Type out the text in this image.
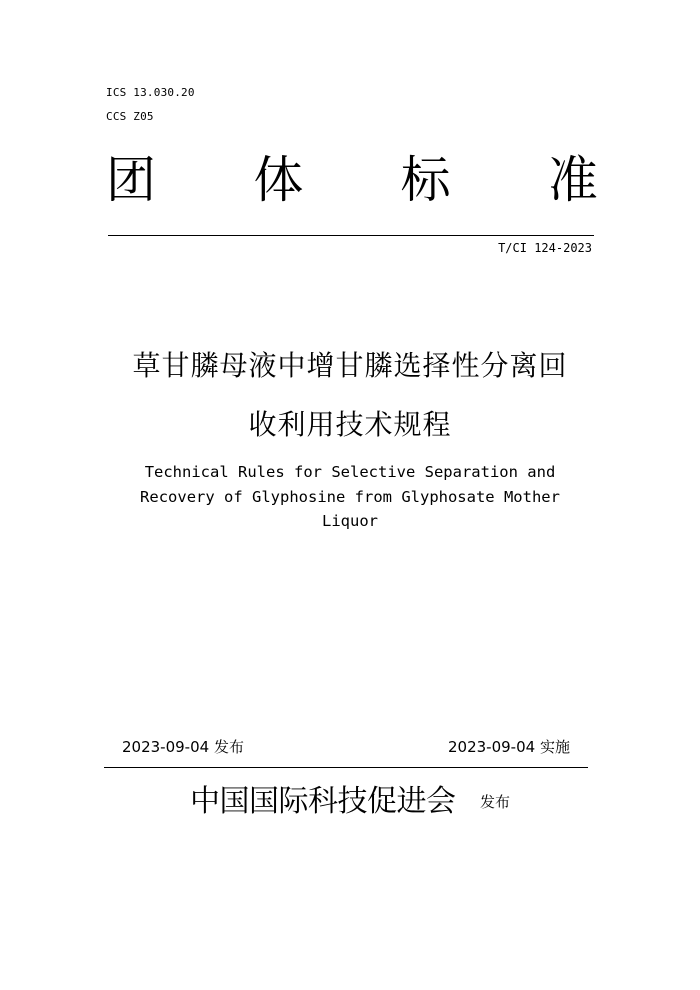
ICS 13.030.20
CCS Z05
团 体 标 准
T/CI 124-2023
草甘膦母液中增甘膦选择性分离回
收利用技术规程
Technical Rules for Selective Separation and
Recovery of Glyphosine from Glyphosate Mother
Liquor
2023-09-04 发布	2023-09-04 实施
中国国际科技促进会 发布
